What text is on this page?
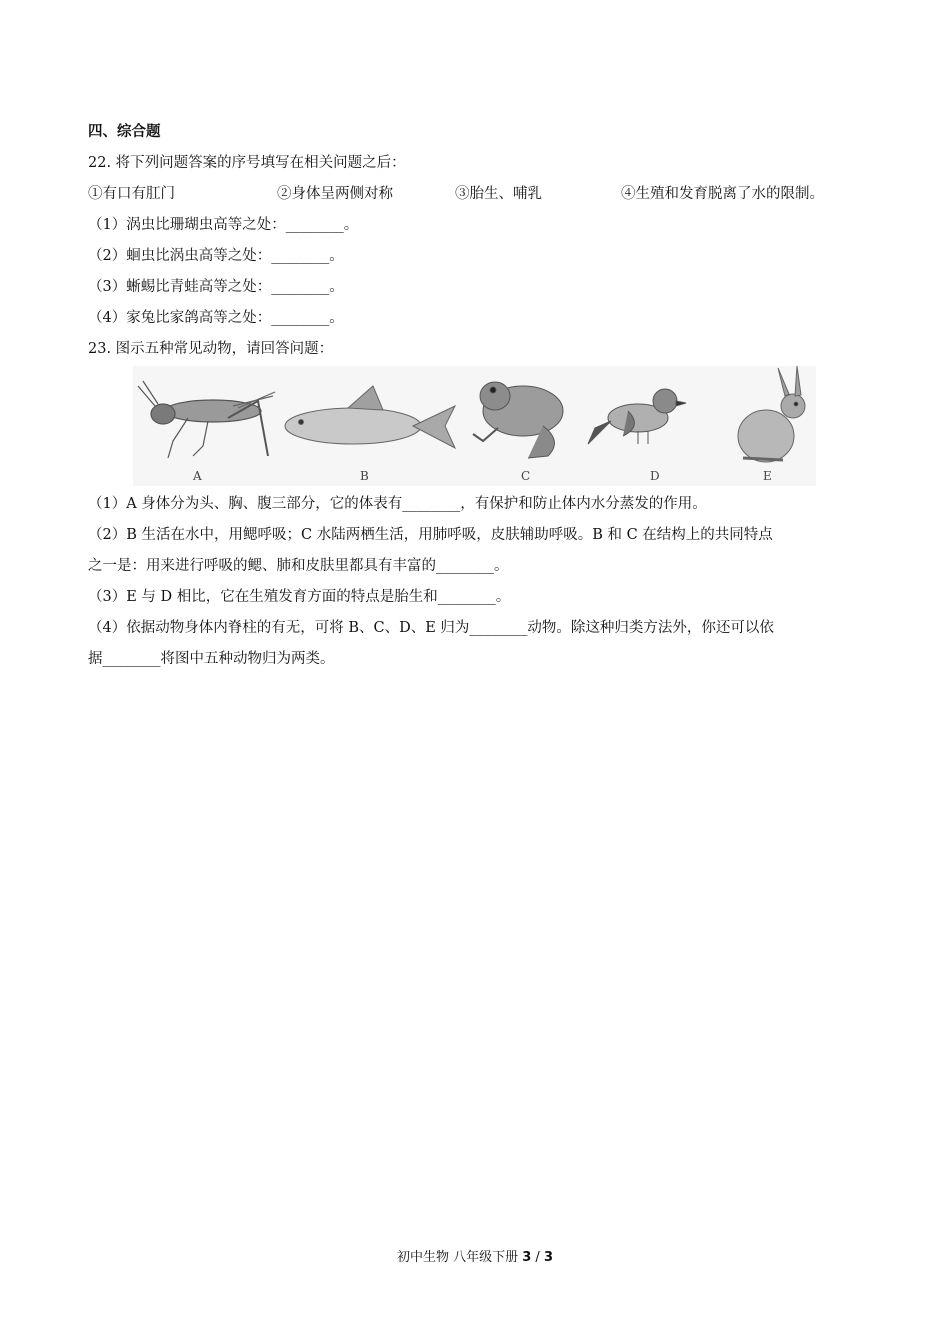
四、综合题
22. 将下列问题答案的序号填写在相关问题之后：
①有口有肛门	②身体呈两侧对称	③胎生、哺乳	④生殖和发育脱离了水的限制。
（1）涡虫比珊瑚虫高等之处：________。
（2）蛔虫比涡虫高等之处：________。
（3）蜥蜴比青蛙高等之处：________。
（4）家兔比家鸽高等之处：________。
23. 图示五种常见动物，请回答问题：
A	B	C	D	E
（1）A 身体分为头、胸、腹三部分，它的体表有________，有保护和防止体内水分蒸发的作用。
（2）B 生活在水中，用鳃呼吸；C 水陆两栖生活，用肺呼吸，皮肤辅助呼吸。B 和 C 在结构上的共同特点
之一是：用来进行呼吸的鳃、肺和皮肤里都具有丰富的________。
（3）E 与 D 相比，它在生殖发育方面的特点是胎生和________。
（4）依据动物身体内脊柱的有无，可将 B、C、D、E 归为________动物。除这种归类方法外，你还可以依
据________将图中五种动物归为两类。
初中生物 八年级下册 3 / 3
